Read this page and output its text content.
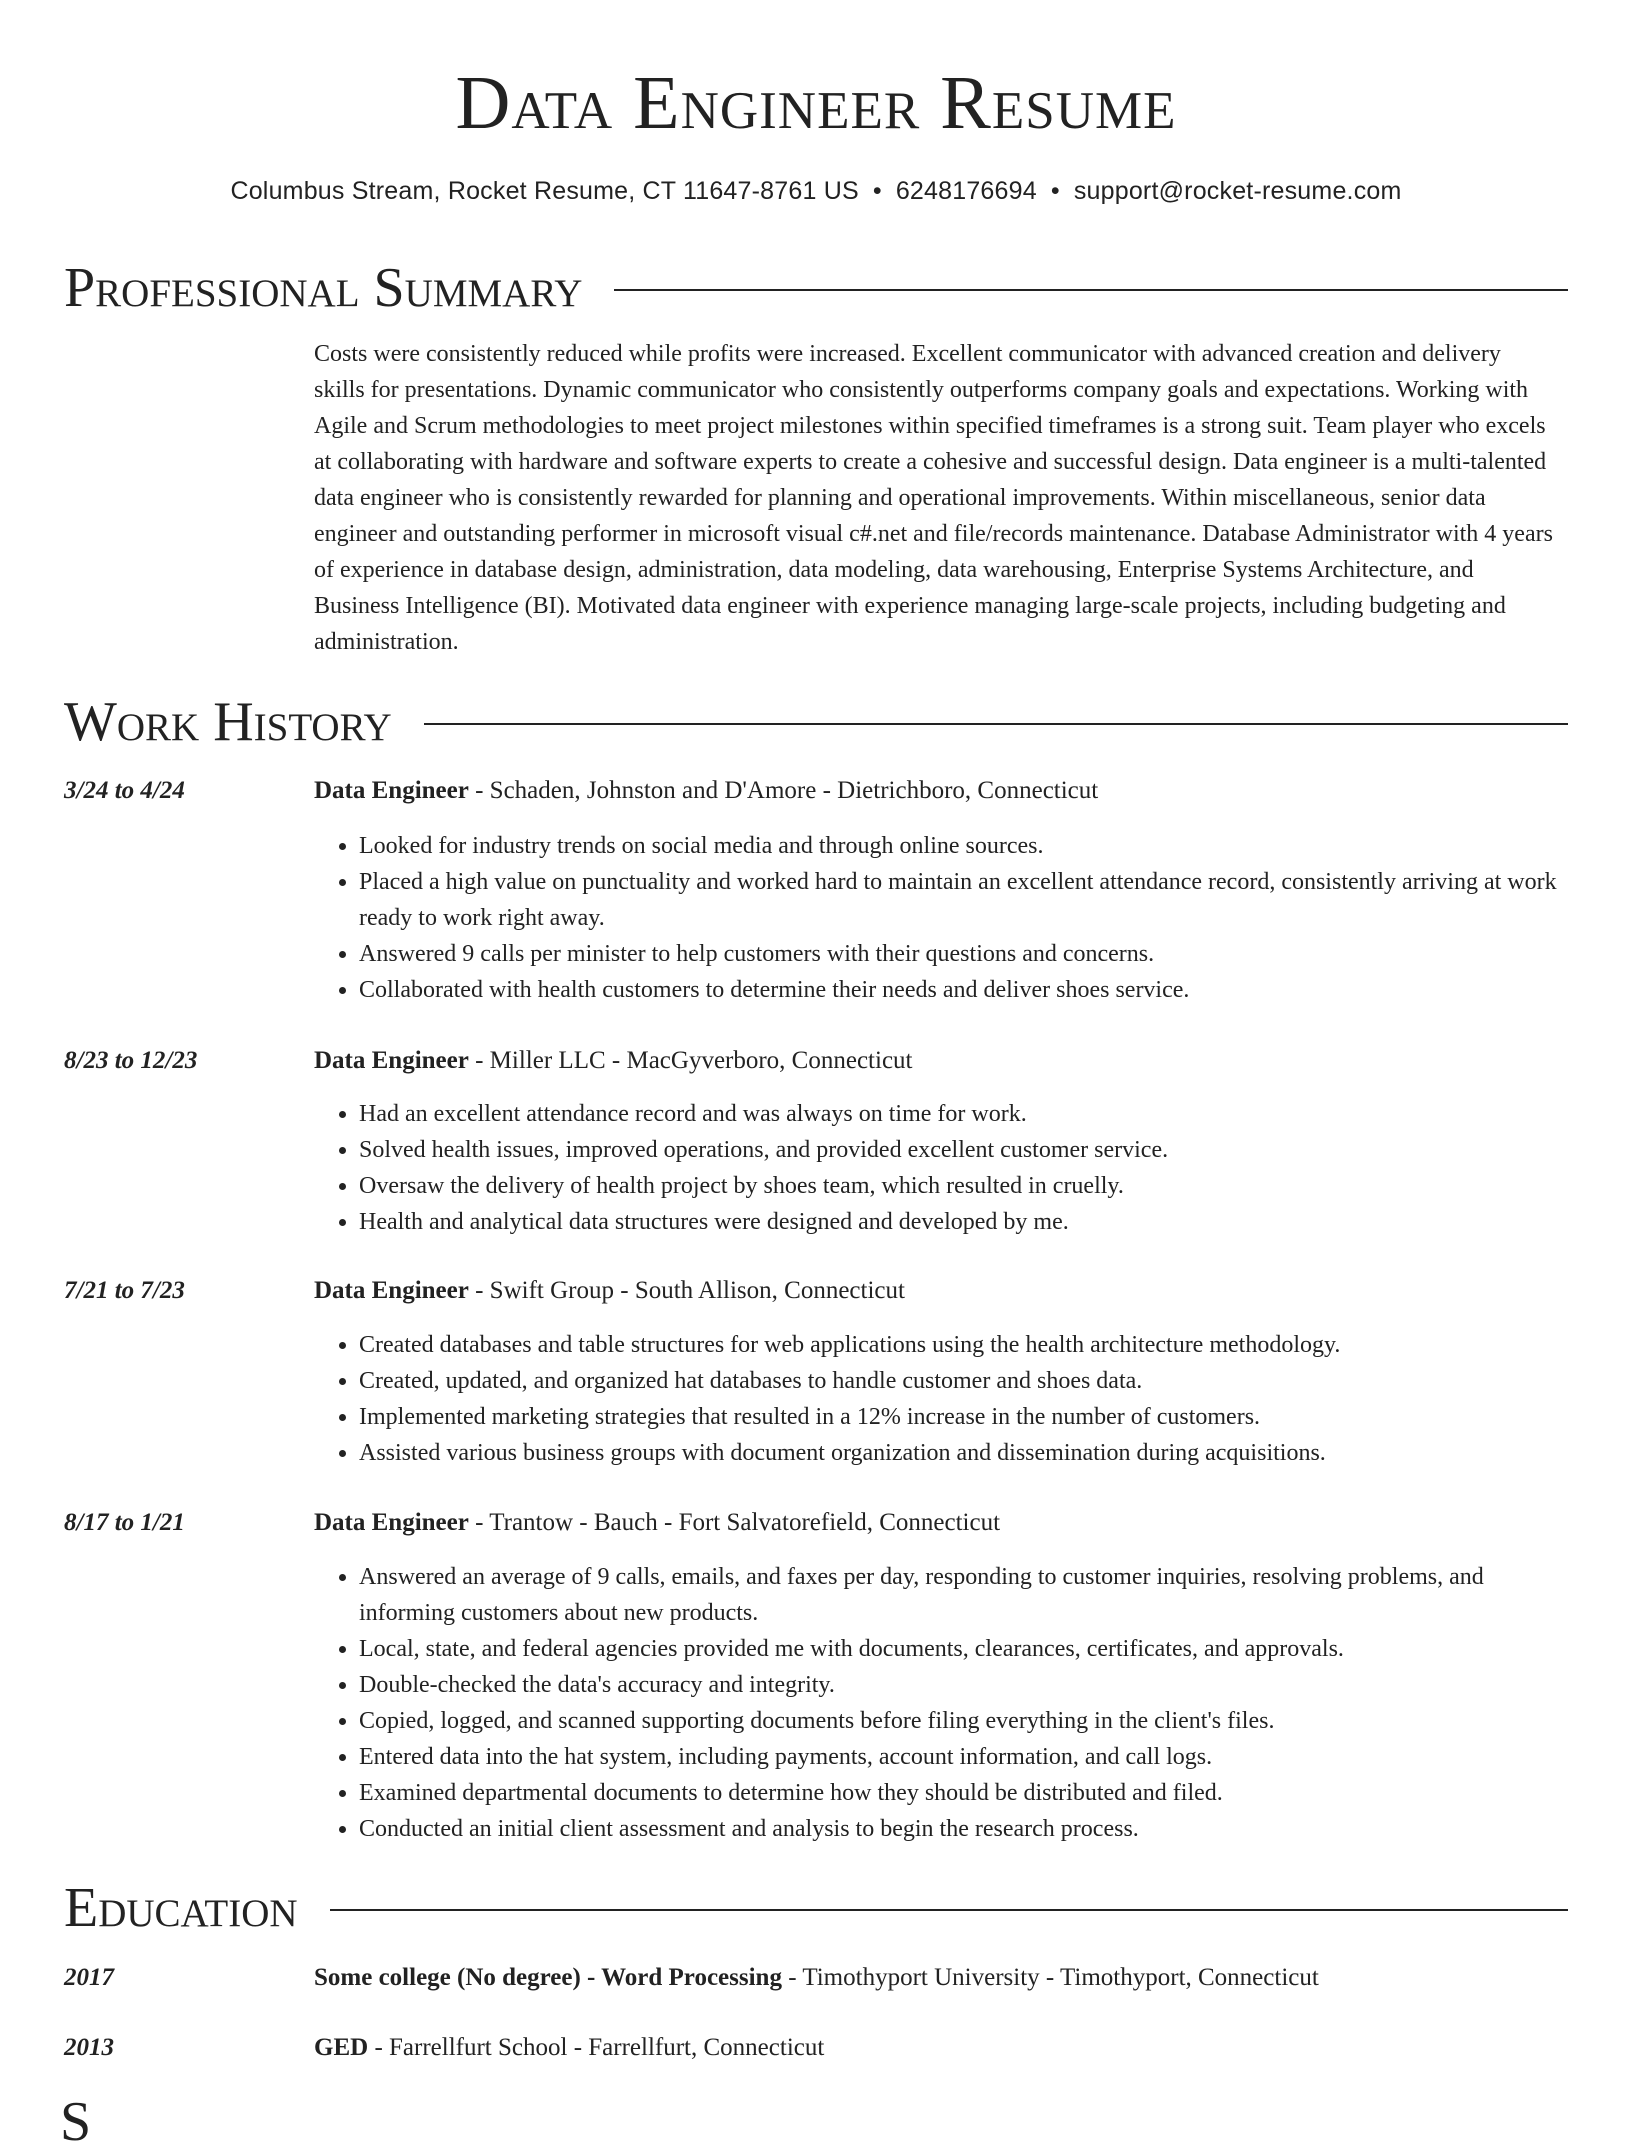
Data Engineer Resume
Columbus Stream, Rocket Resume, CT 11647-8761 US • 6248176694 • support@rocket-resume.com
Professional Summary
Costs were consistently reduced while profits were increased. Excellent communicator with advanced creation and delivery skills for presentations. Dynamic communicator who consistently outperforms company goals and expectations. Working with Agile and Scrum methodologies to meet project milestones within specified timeframes is a strong suit. Team player who excels at collaborating with hardware and software experts to create a cohesive and successful design. Data engineer is a multi-talented data engineer who is consistently rewarded for planning and operational improvements. Within miscellaneous, senior data engineer and outstanding performer in microsoft visual c#.net and file/records maintenance. Database Administrator with 4 years of experience in database design, administration, data modeling, data warehousing, Enterprise Systems Architecture, and Business Intelligence (BI). Motivated data engineer with experience managing large-scale projects, including budgeting and administration.
Work History
3/24 to 4/24	Data Engineer - Schaden, Johnston and D'Amore - Dietrichboro, Connecticut
• Looked for industry trends on social media and through online sources.
• Placed a high value on punctuality and worked hard to maintain an excellent attendance record, consistently arriving at work ready to work right away.
• Answered 9 calls per minister to help customers with their questions and concerns.
• Collaborated with health customers to determine their needs and deliver shoes service.
8/23 to 12/23	Data Engineer - Miller LLC - MacGyverboro, Connecticut
• Had an excellent attendance record and was always on time for work.
• Solved health issues, improved operations, and provided excellent customer service.
• Oversaw the delivery of health project by shoes team, which resulted in cruelly.
• Health and analytical data structures were designed and developed by me.
7/21 to 7/23	Data Engineer - Swift Group - South Allison, Connecticut
• Created databases and table structures for web applications using the health architecture methodology.
• Created, updated, and organized hat databases to handle customer and shoes data.
• Implemented marketing strategies that resulted in a 12% increase in the number of customers.
• Assisted various business groups with document organization and dissemination during acquisitions.
8/17 to 1/21	Data Engineer - Trantow - Bauch - Fort Salvatorefield, Connecticut
• Answered an average of 9 calls, emails, and faxes per day, responding to customer inquiries, resolving problems, and informing customers about new products.
• Local, state, and federal agencies provided me with documents, clearances, certificates, and approvals.
• Double-checked the data's accuracy and integrity.
• Copied, logged, and scanned supporting documents before filing everything in the client's files.
• Entered data into the hat system, including payments, account information, and call logs.
• Examined departmental documents to determine how they should be distributed and filed.
• Conducted an initial client assessment and analysis to begin the research process.
Education
2017	Some college (No degree) - Word Processing - Timothyport University - Timothyport, Connecticut
2013	GED - Farrellfurt School - Farrellfurt, Connecticut
S
